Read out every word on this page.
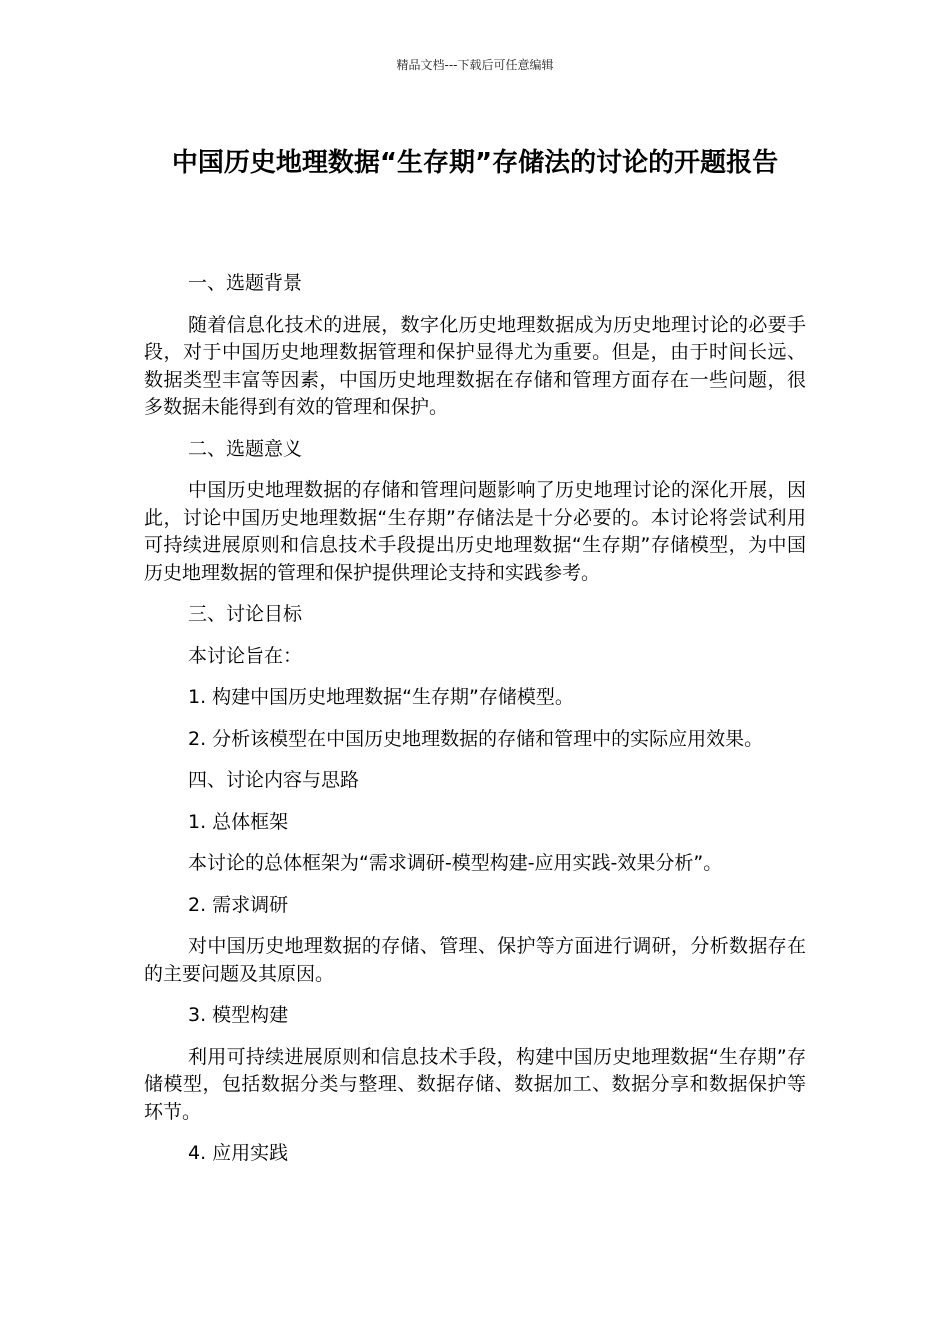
精品文档---下载后可任意编辑
中国历史地理数据“生存期”存储法的讨论的开题报告

一、选题背景

随着信息化技术的进展，数字化历史地理数据成为历史地理讨论的必要手段，对于中国历史地理数据管理和保护显得尤为重要。但是，由于时间长远、数据类型丰富等因素，中国历史地理数据在存储和管理方面存在一些问题，很多数据未能得到有效的管理和保护。

二、选题意义

中国历史地理数据的存储和管理问题影响了历史地理讨论的深化开展，因此，讨论中国历史地理数据“生存期”存储法是十分必要的。本讨论将尝试利用可持续进展原则和信息技术手段提出历史地理数据“生存期”存储模型，为中国历史地理数据的管理和保护提供理论支持和实践参考。

三、讨论目标

本讨论旨在：

1. 构建中国历史地理数据“生存期”存储模型。

2. 分析该模型在中国历史地理数据的存储和管理中的实际应用效果。

四、讨论内容与思路

1. 总体框架

本讨论的总体框架为“需求调研-模型构建-应用实践-效果分析”。

2. 需求调研

对中国历史地理数据的存储、管理、保护等方面进行调研，分析数据存在的主要问题及其原因。

3. 模型构建

利用可持续进展原则和信息技术手段，构建中国历史地理数据“生存期”存储模型，包括数据分类与整理、数据存储、数据加工、数据分享和数据保护等环节。

4. 应用实践
